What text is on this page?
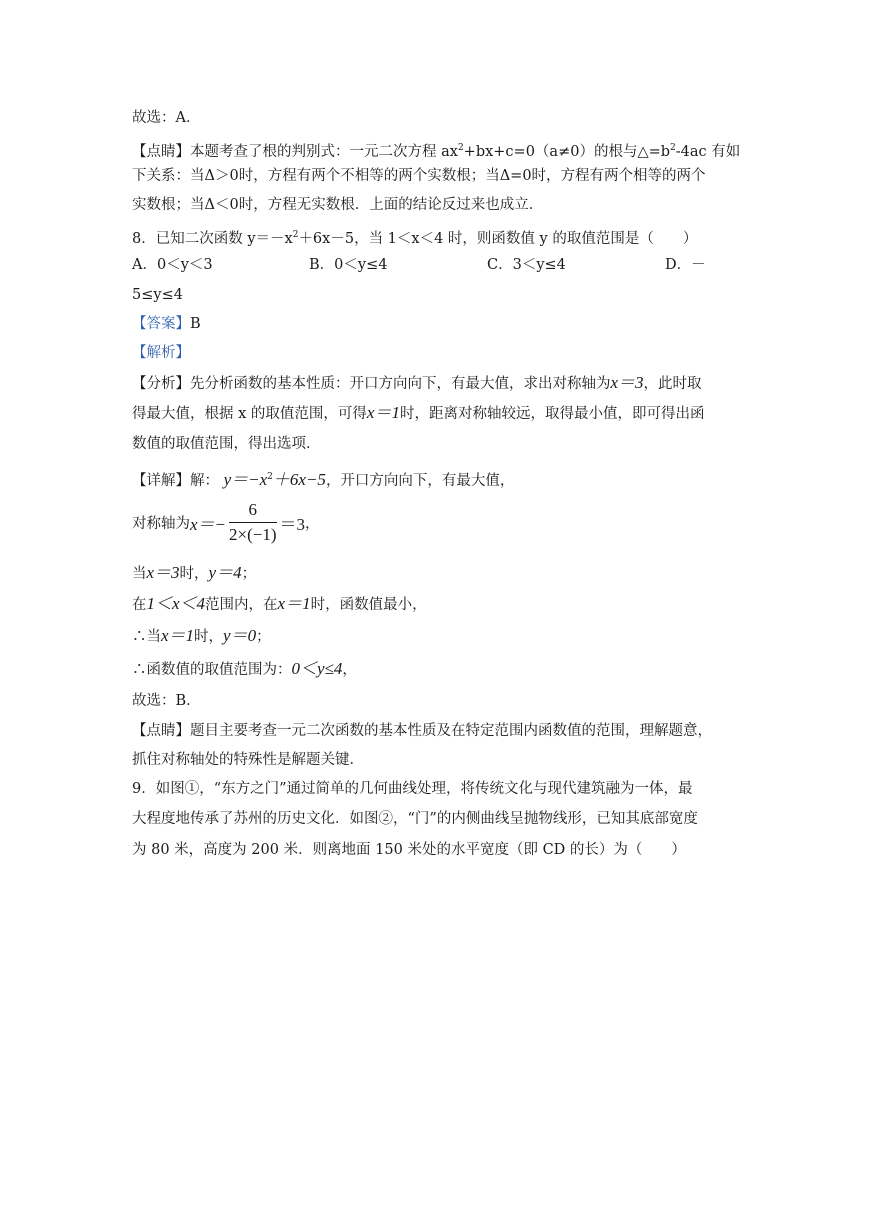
故选：A．
【点睛】本题考查了根的判别式：一元二次方程 $ax^2+bx+c=0(a\ne 0)$的根与$\triangle=b^2-4ac$ 有如
下关系：当Δ＞0时，方程有两个不相等的两个实数根；当Δ=0时，方程有两个相等的两个
实数根；当Δ＜0时，方程无实数根．上面的结论反过来也成立．
8．已知二次函数 $y=-x^2+6x-5$，当 1＜x＜4 时，则函数值 y 的取值范围是（　　）
A．0＜y＜3	B．0＜y≤4	C．3＜y≤4	D．－
5≤y≤4
【答案】B
【解析】
【分析】先分析函数的基本性质：开口方向向下，有最大值，求出对称轴为x＝3，此时取
得最大值，根据 x 的取值范围，可得x＝1时，距离对称轴较远，取得最小值，即可得出函
数值的取值范围，得出选项．
【详解】解： $y=-x^2+6x-5$，开口方向向下，有最大值，
对称轴为$x=- \frac{6}{2\times(-1)} =3$，
当x＝3时，y＝4；
在1＜x＜4范围内，在x＝1时，函数值最小，
∴当x＝1时，y＝0；
∴函数值的取值范围为：0＜y≤4，
故选：B．
【点睛】题目主要考查一元二次函数的基本性质及在特定范围内函数值的范围，理解题意，
抓住对称轴处的特殊性是解题关键．
9．如图①，“东方之门”通过简单的几何曲线处理，将传统文化与现代建筑融为一体，最
大程度地传承了苏州的历史文化．如图②，“门”的内侧曲线呈抛物线形，已知其底部宽度
为 80 米，高度为 200 米．则离地面 150 米处的水平宽度（即 CD 的长）为（　　）
